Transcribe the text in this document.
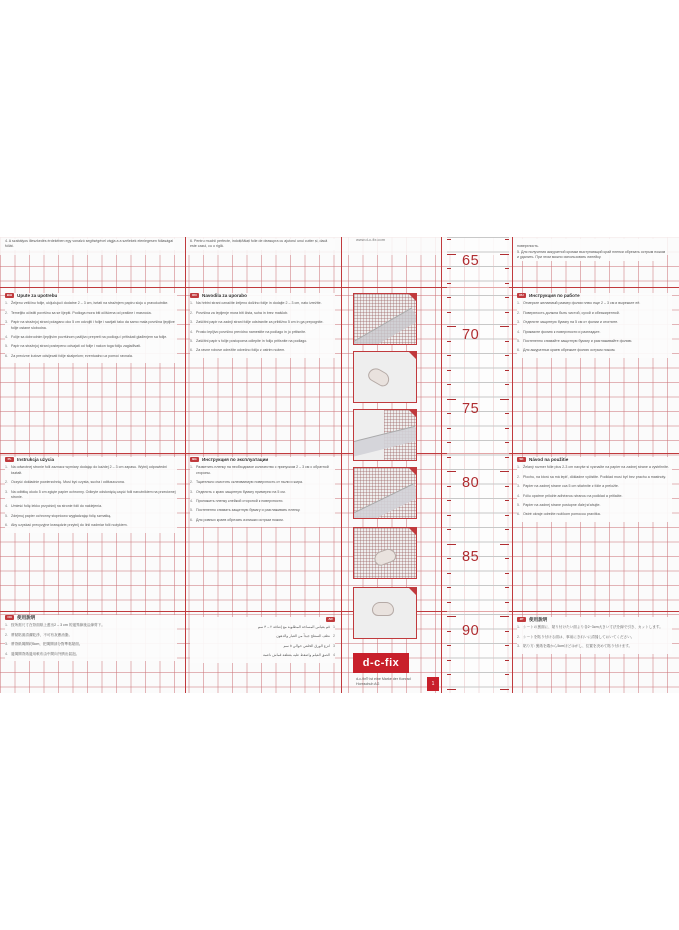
www.d-c-fix.com
4. A szabályos illeszkedés érdekében egy vonalzó segítségével vágja a a szélekek elenlegesen fóliaságai fóliát.
6. Pentru muchii perfecte, indoiți/tăiați folie de deasupra cu ajutorul unui cutter și, dacă este cazul, cu o riglă.	поверхность.
5. Для получения аккуратной кромки выступающий край пленки обрезать острым ножом и удалить. При этом можно использовать линейку.

BiH	Upute za upotrebu
1. Željenu veličinu folije, uključujući dodatne 2 – 3 cm, isrtati na stražnjem papiru sloju u pravokutnike.
2. Temeljito očistiti površinu sa se lijepiti. Podloga mora biti očišćena od prašine i masnoća.
3. Papir na stražnjoj strani polagano oko 5 cm odvojiti i folije i savijati tako da samo mala površina ljepljive folije ostane slobodna.
4. Folije sa dobrodnim ljepljivim površinom pažljivo prepreti na podlogu i pritiskati glađenjem sa folije.
5. Papir na stražnjoj strani postepeno odvajati od folije i nakon toga foliju zaglađivati.
6. Za precizne kutove odsijecati folije skalpelom; eventualno uz pomoć ravnala.
PL	Instrukcja użycia
1. Na odwrotnej stronie folii zaznacz wymiary dodając do każdej 2 – 3 cm zapasu. Wytnij odpowiedni kształt.
2. Oczyść dokładnie powierzchnię. Musi być czysta, sucha i odtłuszczona.
3. Na odbitkę około 5 cm zgięte papier ochronny. Odkryte odsłoniętą część folii narożnikiem na przeciwnej stronie.
4. Umieść folię lekko przyciśnij na stronie folii do naklejenia.
5. Zdejmuj papier ochronny stopniowo wygładzając folię szmatką.
6. Aby uzyskać precyzyjne krawędzie przytnij do linii nadmiar folii nożykiem.
CN	使用說明
1. 按所需尺寸在背面紙上畫出2 – 3 cm 的邊界線後沿線剪下。
2. 將黏貼面清潔乾淨，不可有灰塵油脂。
3. 將背紙揭開約5cm，把揭開部分對準黏貼面。
4. 邊揭開背紙邊用軟布由中間向外擠出氣泡。
RO	Navodila za uporabo
1. Na hrbtni strani označite željeno dolžino folije in dodajte 2 – 3 cm, nato izrežite.
2. Površina za lepljenje mora biti čista, suha in brez maščob.
3. Zaščitni papir na zadnji strani folije odstranite za približno 5 cm in ga prepognite.
4. Prosto lepljivo površino previdno namestite na podlago in jo pritisnite.
5. Zaščitni papir s folije postopoma odlepite in folijo pritisnite na podlago.
6. Za ravne robove odrežite odvečno folijo z ostrim nožem.
BG	Инструкция по эксплуатации
1. Разметить пленку на необходимое количество с припуском 2 – 3 см с обратной стороны.
2. Тщательно очистить склеиваемую поверхность от пыли и жира.
3. Отделить с краю защитную бумагу примерно на 5 см.
4. Приложить пленку клейкой стороной к поверхности.
5. Постепенно снимать защитную бумагу и разглаживать пленку.
6. Для ровных краев обрезать излишки острым ножом.
AR
1
قم بقياس المساحة المطلوبة مع إضافة ٢ – ٣ سم
2
نظف السطح جيداً من الغبار والدهون
3
انزع الورق الخلفي حوالي ٥ سم
4
الصق الفيلم واضغط عليه بقطعة قماش ناعمة
RU	Инструкция по работе
1. Отмерьте желаемый размер фолии плюс еще 2 – 3 см и вырежьте её.
2. Поверхность должна быть чистой, сухой и обезжиренной.
3. Отделите защитную бумагу на 5 см от фолии и отогните.
4. Прижмите фолию к поверхности и разгладьте.
5. Постепенно снимайте защитную бумагу и разглаживайте фолию.
6. Для аккуратных краев обрежьте фолию острым ножом.
SK	Návod na použitie
1. Želaný rozmer fólie plus 2-3 cm navyše si vyznačte na papier na zadnej strane a vystrihnite.
2. Plochu, na ktorú sa má lepiť, dôkladne vyčistite. Podklad musí byť bez prachu a mastnoty.
3. Papier na zadnej strane cca 5 cm stiahnite z fólie a preložte.
4. Fóliu opatrne priložte adhéznou stranou na podklad a pritlačte.
5. Papier na zadnej strane postupne ďalej sťahujte.
6. Ostré okraje odrežte nožíkom pomocou pravítka.
JP	使用說明
1. シートの裏面に、貼り付けたい面より各2~3cm大きい寸法を線で引き、カットします。
2. シートを貼り付ける面は、事前にきれいに清掃しておいてください。
3. 貼り方: 裏紙を端から5cmほどはがし、位置を決めて貼り付けます。
d-c-fix
d-c-fix® ist eine Marke der Konrad Hornschuh AG	1
65
70
75
80
85
90
